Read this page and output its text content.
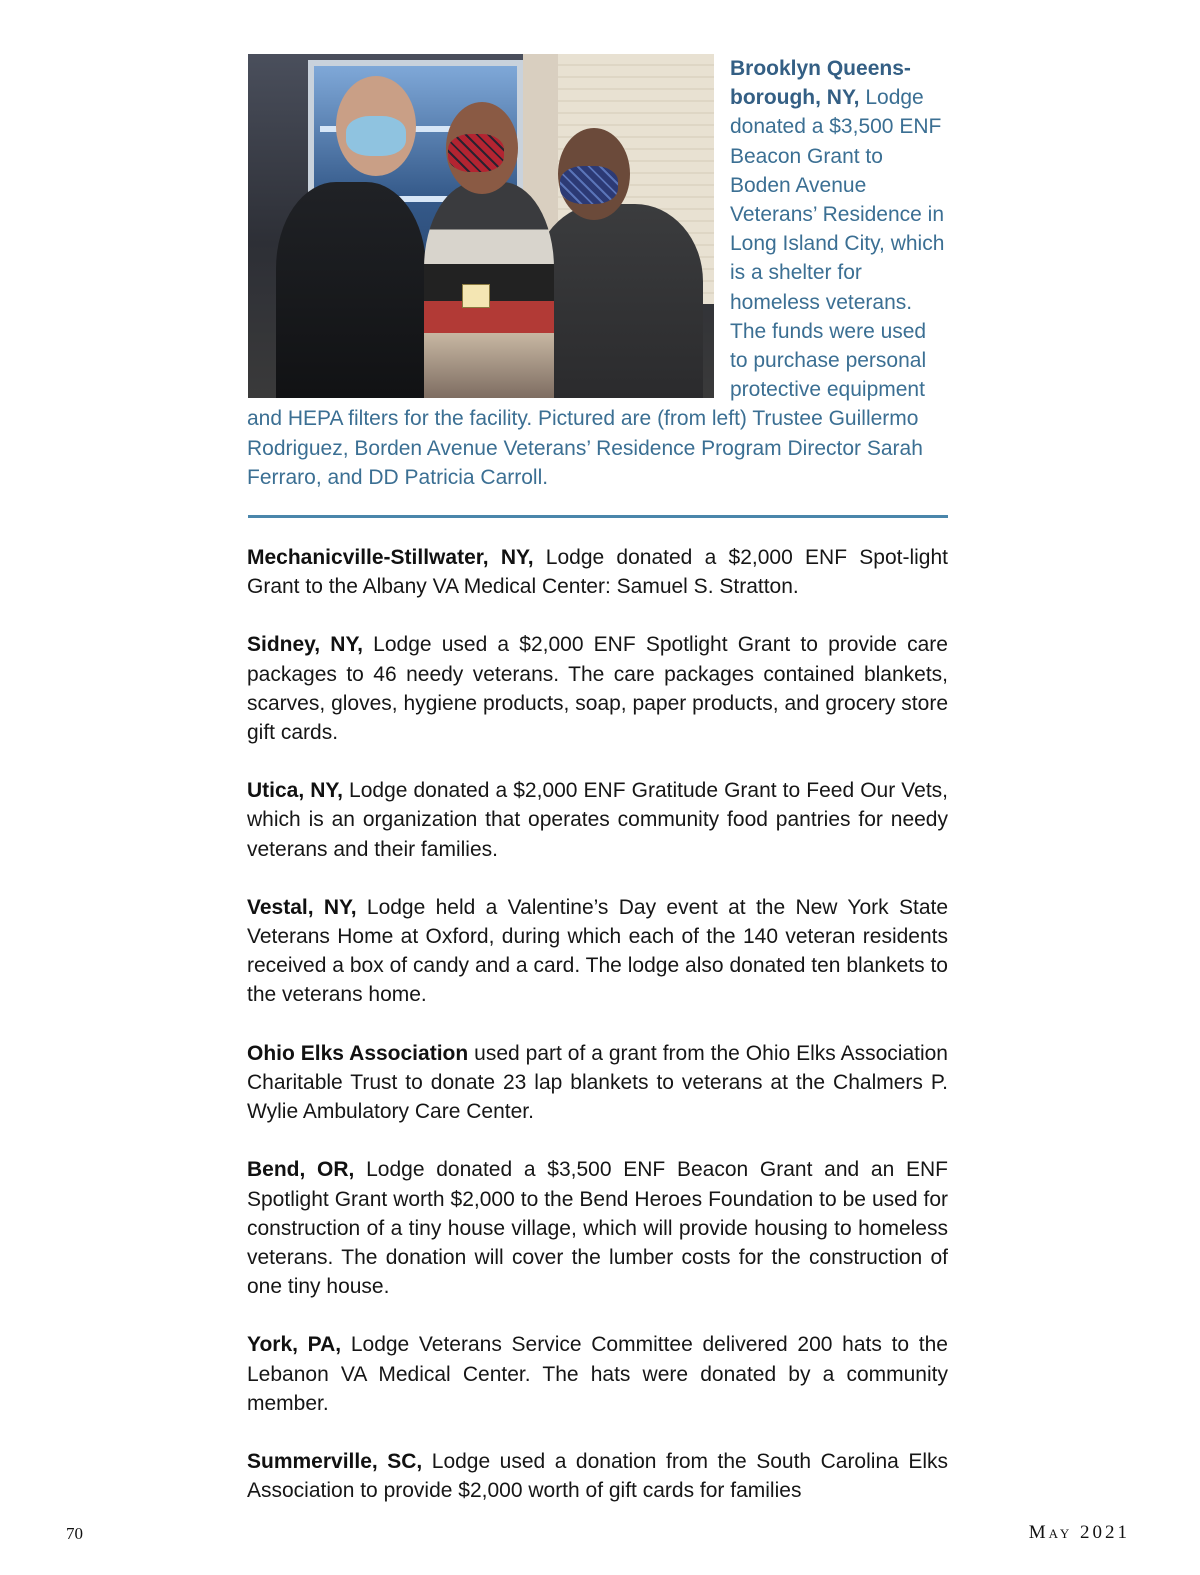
Brooklyn Queens-borough, NY, Lodge donated a $3,500 ENF Beacon Grant to Boden Avenue Veterans’ Residence in Long Island City, which is a shelter for homeless veterans. The funds were used to purchase personal protective equipment and HEPA filters for the facility. Pictured are (from left) Trustee Guillermo Rodriguez, Borden Avenue Veterans’ Residence Program Director Sarah Ferraro, and DD Patricia Carroll.

Mechanicville-Stillwater, NY, Lodge donated a $2,000 ENF Spot-light Grant to the Albany VA Medical Center: Samuel S. Stratton.

Sidney, NY, Lodge used a $2,000 ENF Spotlight Grant to provide care packages to 46 needy veterans. The care packages contained blankets, scarves, gloves, hygiene products, soap, paper products, and grocery store gift cards.

Utica, NY, Lodge donated a $2,000 ENF Gratitude Grant to Feed Our Vets, which is an organization that operates community food pantries for needy veterans and their families.

Vestal, NY, Lodge held a Valentine’s Day event at the New York State Veterans Home at Oxford, during which each of the 140 veteran residents received a box of candy and a card. The lodge also donated ten blankets to the veterans home.

Ohio Elks Association used part of a grant from the Ohio Elks Association Charitable Trust to donate 23 lap blankets to veterans at the Chalmers P. Wylie Ambulatory Care Center.

Bend, OR, Lodge donated a $3,500 ENF Beacon Grant and an ENF Spotlight Grant worth $2,000 to the Bend Heroes Foundation to be used for construction of a tiny house village, which will provide housing to homeless veterans. The donation will cover the lumber costs for the construction of one tiny house.

York, PA, Lodge Veterans Service Committee delivered 200 hats to the Lebanon VA Medical Center. The hats were donated by a community member.

Summerville, SC, Lodge used a donation from the South Carolina Elks Association to provide $2,000 worth of gift cards for families

70	May 2021
